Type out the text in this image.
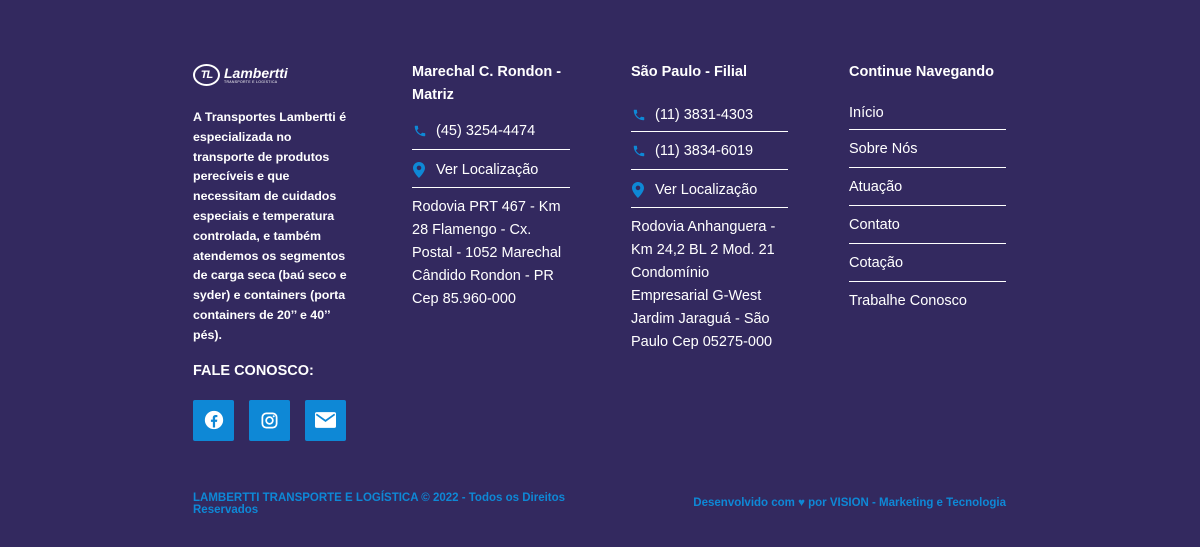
TL Lambertti
TRANSPORTE E LOGÍSTICA

A Transportes Lambertti é especializada no transporte de produtos perecíveis e que necessitam de cuidados especiais e temperatura controlada, e também atendemos os segmentos de carga seca (baú seco e syder) e containers (porta containers de 20’’ e 40’’ pés).

FALE CONOSCO:
Marechal C. Rondon - Matriz
(45) 3254-4474
Ver Localização

Rodovia PRT 467 - Km 28 Flamengo - Cx. Postal - 1052 Marechal Cândido Rondon - PR Cep 85.960-000

São Paulo - Filial
(11) 3831-4303
(11) 3834-6019
Ver Localização

Rodovia Anhanguera - Km 24,2 BL 2 Mod. 21 Condomínio Empresarial G-West Jardim Jaraguá - São Paulo Cep 05275-000

Continue Navegando
Início
Sobre Nós
Atuação
Contato
Cotação
Trabalhe Conosco
LAMBERTTI TRANSPORTE E LOGÍSTICA © 2022 - Todos os Direitos Reservados
Desenvolvido com ♥ por VISION - Marketing e Tecnologia
